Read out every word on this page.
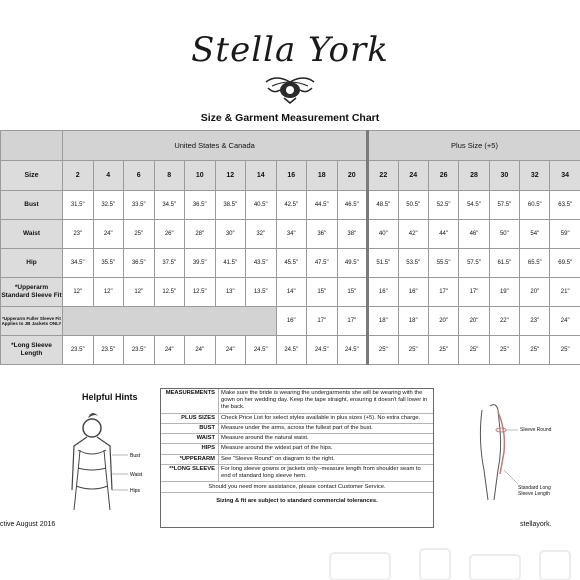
Stella York
Size & Garment Measurement Chart
	United States & Canada										Plus Size (+5)						
Size	2	4	6	8	10	12	14	16	18	20	22	24	26	28	30	32	34
Bust	31.5"	32.5"	33.5"	34.5"	36.5"	38.5"	40.5"	42.5"	44.5"	46.5"	48.5"	50.5"	52.5"	54.5"	57.5"	60.5"	63.5"
Waist	23"	24"	25"	26"	28"	30"	32"	34"	36"	38"	40"	42"	44"	46"	50"	54"	59"
Hip	34.5"	35.5"	36.5"	37.5"	39.5"	41.5"	43.5"	45.5"	47.5"	49.5"	51.5"	53.5"	55.5"	57.5"	61.5"	65.5"	69.5"
*Upperarm Standard Sleeve Fit	12"	12"	12"	12.5"	12.5"	13"	13.5"	14"	15"	15"	16"	16"	17"	17"	19"	20"	21"
*Upperarm Fuller Sleeve Fit Applies to JB Jackets ONLY								16"	17"	17"	18"	18"	20"	20"	22"	23"	24"
*Long Sleeve Length	23.5"	23.5"	23.5"	24"	24"	24"	24.5"	24.5"	24.5"	24.5"	25"	25"	25"	25"	25"	25"	25"
Helpful Hints
Bust
Waist
Hips
ctive August 2016
MEASUREMENTS	Make sure the bride is wearing the undergarments she will be wearing with the gown on her wedding day. Keep the tape straight, ensuring it doesn't fall lower in the back.
PLUS SIZES	Check Price List for select styles available in plus sizes (+5). No extra charge.
BUST	Measure under the arms, across the fullest part of the bust.
WAIST	Measure around the natural waist.
HIPS	Measure around the widest part of the hips.
*UPPERARM	See "Sleeve Round" on diagram to the right.
**LONG SLEEVE	For long sleeve gowns or jackets only--measure length from shoulder seam to end of standard long sleeve hem.
Should you need more assistance, please contact Customer Service.
Sizing & fit are subject to standard commercial tolerances.
Sleeve Round
Standard Long Sleeve Length
stellayork.
